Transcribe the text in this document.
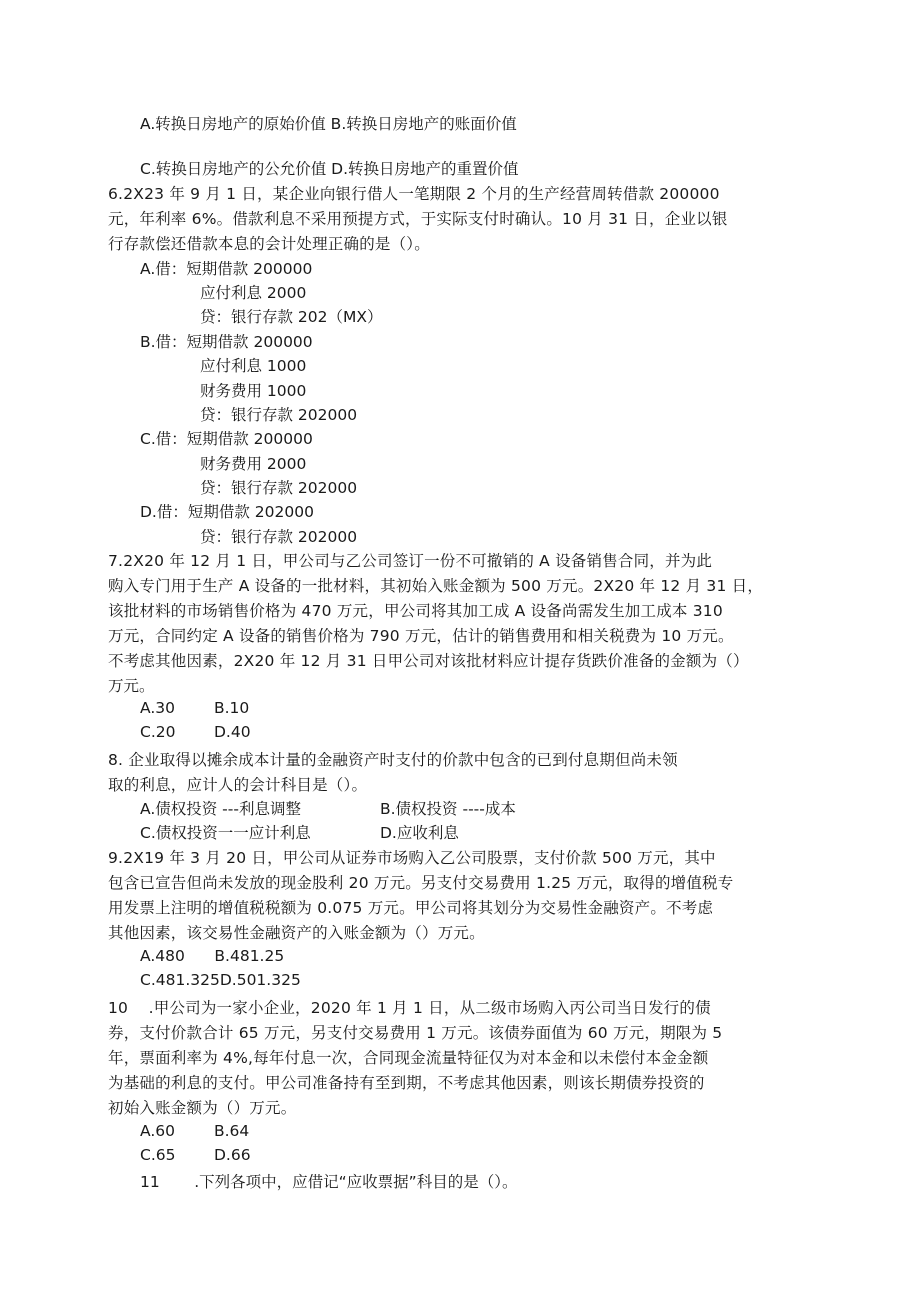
A.转换日房地产的原始价值 B.转换日房地产的账面价值
C.转换日房地产的公允价值 D.转换日房地产的重置价值
6.2X23 年 9 月 1 日，某企业向银行借人一笔期限 2 个月的生产经营周转借款 200000
元，年利率 6%。借款利息不采用预提方式，于实际支付时确认。10 月 31 日，企业以银
行存款偿还借款本息的会计处理正确的是（）。
A.借：短期借款 200000
应付利息 2000
贷：银行存款 202（MX）
B.借：短期借款 200000
应付利息 1000
财务费用 1000
贷：银行存款 202000
C.借：短期借款 200000
财务费用 2000
贷：银行存款 202000
D.借：短期借款 202000
贷：银行存款 202000
7.2X20 年 12 月 1 日，甲公司与乙公司签订一份不可撤销的 A 设备销售合同，并为此
购入专门用于生产 A 设备的一批材料，其初始入账金额为 500 万元。2X20 年 12 月 31 日，
该批材料的市场销售价格为 470 万元，甲公司将其加工成 A 设备尚需发生加工成本 310
万元，合同约定 A 设备的销售价格为 790 万元，估计的销售费用和相关税费为 10 万元。
不考虑其他因素，2X20 年 12 月 31 日甲公司对该批材料应计提存货跌价准备的金额为（）
万元。
A.30	B.10
C.20	D.40
8. 企业取得以摊余成本计量的金融资产时支付的价款中包含的已到付息期但尚未领
取的利息，应计人的会计科目是（）。
A.债权投资 ---利息调整	B.债权投资 ----成本
C.债权投资一一应计利息	D.应收利息
9.2X19 年 3 月 20 日，甲公司从证券市场购入乙公司股票，支付价款 500 万元，其中
包含已宣告但尚未发放的现金股利 20 万元。另支付交易费用 1.25 万元，取得的增值税专
用发票上注明的增值税税额为 0.075 万元。甲公司将其划分为交易性金融资产。不考虑
其他因素，该交易性金融资产的入账金额为（）万元。
A.480      B.481.25
C.481.325D.501.325
10    .甲公司为一家小企业，2020 年 1 月 1 日，从二级市场购入丙公司当日发行的债
券，支付价款合计 65 万元，另支付交易费用 1 万元。该债券面值为 60 万元，期限为 5
年，票面利率为 4%,每年付息一次，合同现金流量特征仅为对本金和以未偿付本金金额
为基础的利息的支付。甲公司准备持有至到期，不考虑其他因素，则该长期债券投资的
初始入账金额为（）万元。
A.60	B.64
C.65	D.66
11       .下列各项中，应借记“应收票据”科目的是（）。
